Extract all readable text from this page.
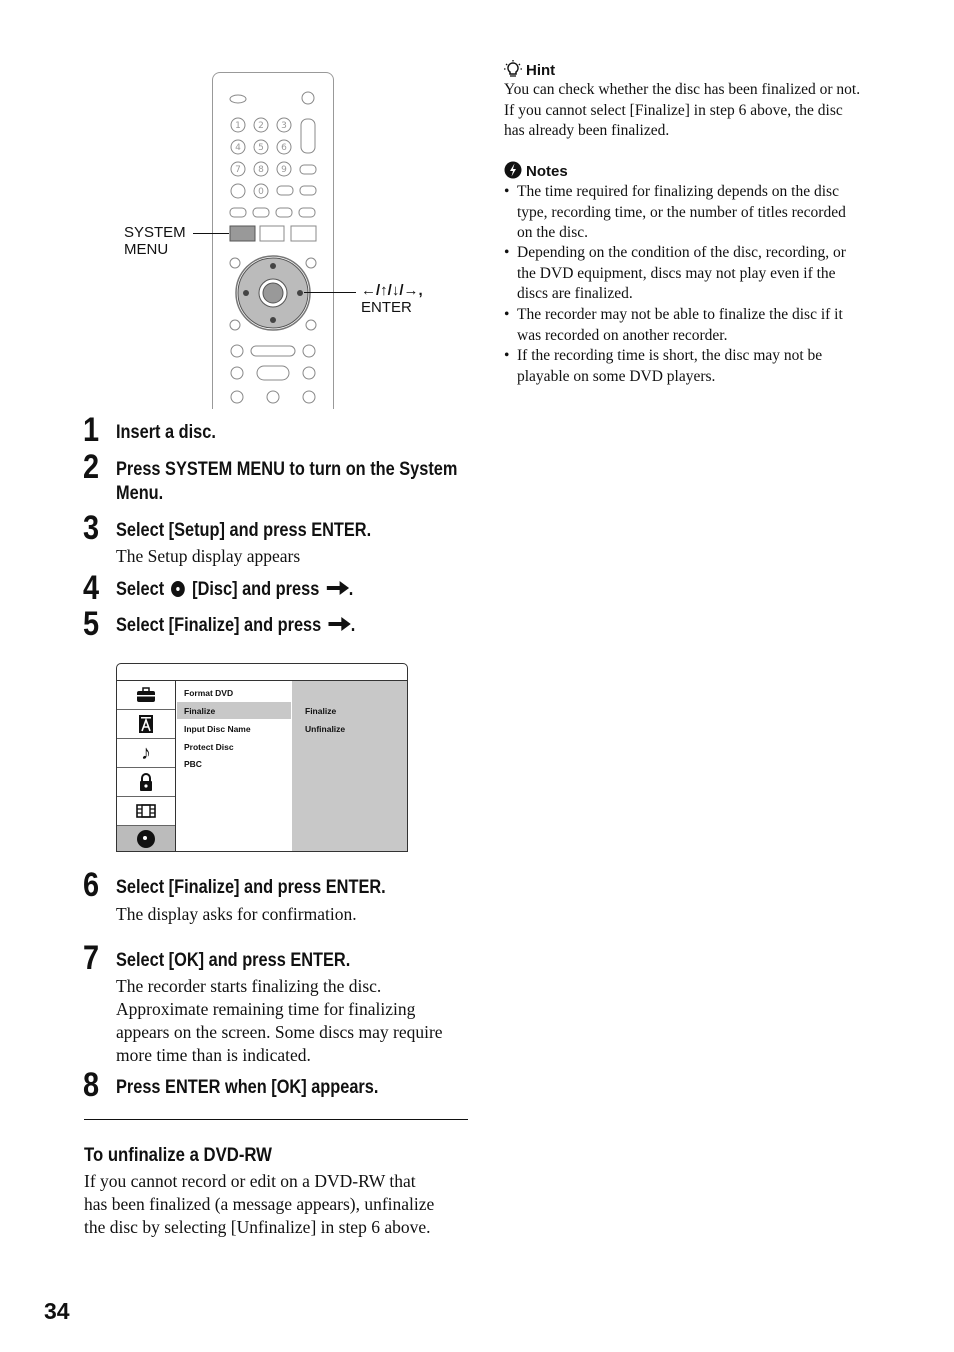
1 2 3
4 5 6
7 8 9
0
SYSTEM
MENU
←/↑/↓/→,
ENTER
1 Insert a disc.
2 Press SYSTEM MENU to turn on the System
Menu.
3 Select [Setup] and press ENTER.
The Setup display appears
4 Select [Disc] and press .
5 Select [Finalize] and press .
♪
Format DVD
Finalize
Input Disc Name
Protect Disc
PBC
Finalize
Unfinalize
6 Select [Finalize] and press ENTER.
The display asks for confirmation.
7 Select [OK] and press ENTER.
The recorder starts finalizing the disc.
Approximate remaining time for finalizing
appears on the screen. Some discs may require
more time than is indicated.
8 Press ENTER when [OK] appears.
To unfinalize a DVD-RW
If you cannot record or edit on a DVD-RW that
has been finalized (a message appears), unfinalize
the disc by selecting [Unfinalize] in step 6 above.
Hint
You can check whether the disc has been finalized or not.
If you cannot select [Finalize] in step 6 above, the disc
has already been finalized.
Notes
• The time required for finalizing depends on the disc
type, recording time, or the number of titles recorded
on the disc.
• Depending on the condition of the disc, recording, or
the DVD equipment, discs may not play even if the
discs are finalized.
• The recorder may not be able to finalize the disc if it
was recorded on another recorder.
• If the recording time is short, the disc may not be
playable on some DVD players.
34
